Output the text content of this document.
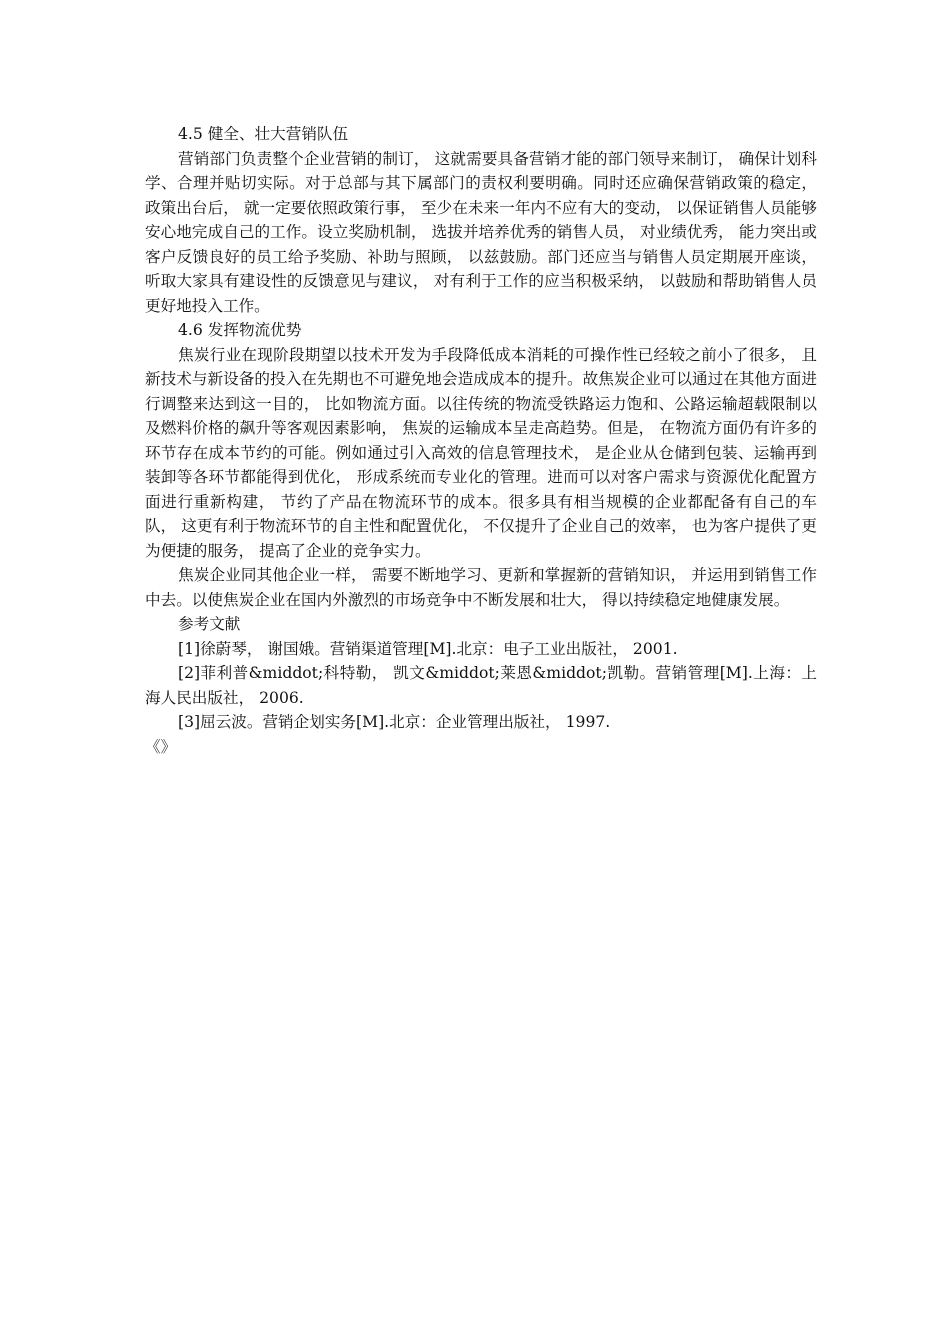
4.5 健全、壮大营销队伍

营销部门负责整个企业营销的制订， 这就需要具备营销才能的部门领导来制订， 确保计划科学、合理并贴切实际。对于总部与其下属部门的责权利要明确。同时还应确保营销政策的稳定， 政策出台后， 就一定要依照政策行事， 至少在未来一年内不应有大的变动， 以保证销售人员能够安心地完成自己的工作。设立奖励机制， 选拔并培养优秀的销售人员， 对业绩优秀， 能力突出或客户反馈良好的员工给予奖励、补助与照顾， 以兹鼓励。部门还应当与销售人员定期展开座谈， 听取大家具有建设性的反馈意见与建议， 对有利于工作的应当积极采纳， 以鼓励和帮助销售人员更好地投入工作。

4.6 发挥物流优势

焦炭行业在现阶段期望以技术开发为手段降低成本消耗的可操作性已经较之前小了很多， 且新技术与新设备的投入在先期也不可避免地会造成成本的提升。故焦炭企业可以通过在其他方面进行调整来达到这一目的， 比如物流方面。以往传统的物流受铁路运力饱和、公路运输超载限制以及燃料价格的飙升等客观因素影响， 焦炭的运输成本呈走高趋势。但是， 在物流方面仍有许多的环节存在成本节约的可能。例如通过引入高效的信息管理技术， 是企业从仓储到包装、运输再到装卸等各环节都能得到优化， 形成系统而专业化的管理。进而可以对客户需求与资源优化配置方面进行重新构建， 节约了产品在物流环节的成本。很多具有相当规模的企业都配备有自己的车队， 这更有利于物流环节的自主性和配置优化， 不仅提升了企业自己的效率， 也为客户提供了更为便捷的服务， 提高了企业的竞争实力。

焦炭企业同其他企业一样， 需要不断地学习、更新和掌握新的营销知识， 并运用到销售工作中去。以使焦炭企业在国内外激烈的市场竞争中不断发展和壮大， 得以持续稳定地健康发展。

参考文献

[1]徐蔚琴， 谢国娥。营销渠道管理[M].北京：电子工业出版社， 2001.

[2]菲利普&middot;科特勒， 凯文&middot;莱恩&middot;凯勒。营销管理[M].上海：上海人民出版社， 2006.

[3]屈云波。营销企划实务[M].北京：企业管理出版社， 1997.

《》
